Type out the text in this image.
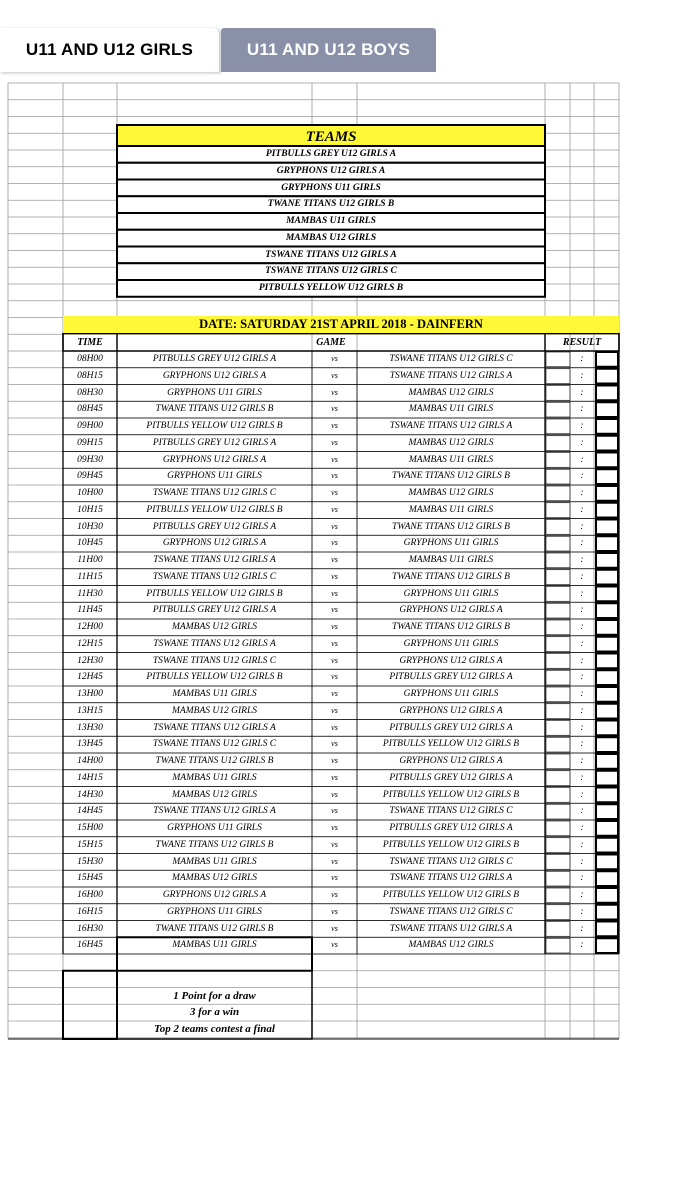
U11 AND U12 GIRLS	U11 AND U12 BOYS
TEAMS
PITBULLS GREY U12 GIRLS A
GRYPHONS U12 GIRLS A
GRYPHONS U11 GIRLS
TWANE TITANS U12 GIRLS B
MAMBAS U11 GIRLS
MAMBAS U12 GIRLS
TSWANE TITANS U12 GIRLS A
TSWANE TITANS U12 GIRLS C
PITBULLS YELLOW U12 GIRLS B
DATE: SATURDAY 21ST APRIL 2018 - DAINFERN
TIME	GAME	RESULT
08H00	PITBULLS GREY U12 GIRLS A	vs	TSWANE TITANS U12 GIRLS C	:
08H15	GRYPHONS U12 GIRLS A	vs	TSWANE TITANS U12 GIRLS A	:
08H30	GRYPHONS U11 GIRLS	vs	MAMBAS U12 GIRLS	:
08H45	TWANE TITANS U12 GIRLS B	vs	MAMBAS U11 GIRLS	:
09H00	PITBULLS YELLOW U12 GIRLS B	vs	TSWANE TITANS U12 GIRLS A	:
09H15	PITBULLS GREY U12 GIRLS A	vs	MAMBAS U12 GIRLS	:
09H30	GRYPHONS U12 GIRLS A	vs	MAMBAS U11 GIRLS	:
09H45	GRYPHONS U11 GIRLS	vs	TWANE TITANS U12 GIRLS B	:
10H00	TSWANE TITANS U12 GIRLS C	vs	MAMBAS U12 GIRLS	:
10H15	PITBULLS YELLOW U12 GIRLS B	vs	MAMBAS U11 GIRLS	:
10H30	PITBULLS GREY U12 GIRLS A	vs	TWANE TITANS U12 GIRLS B	:
10H45	GRYPHONS U12 GIRLS A	vs	GRYPHONS U11 GIRLS	:
11H00	TSWANE TITANS U12 GIRLS A	vs	MAMBAS U11 GIRLS	:
11H15	TSWANE TITANS U12 GIRLS C	vs	TWANE TITANS U12 GIRLS B	:
11H30	PITBULLS YELLOW U12 GIRLS B	vs	GRYPHONS U11 GIRLS	:
11H45	PITBULLS GREY U12 GIRLS A	vs	GRYPHONS U12 GIRLS A	:
12H00	MAMBAS U12 GIRLS	vs	TWANE TITANS U12 GIRLS B	:
12H15	TSWANE TITANS U12 GIRLS A	vs	GRYPHONS U11 GIRLS	:
12H30	TSWANE TITANS U12 GIRLS C	vs	GRYPHONS U12 GIRLS A	:
12H45	PITBULLS YELLOW U12 GIRLS B	vs	PITBULLS GREY U12 GIRLS A	:
13H00	MAMBAS U11 GIRLS	vs	GRYPHONS U11 GIRLS	:
13H15	MAMBAS U12 GIRLS	vs	GRYPHONS U12 GIRLS A	:
13H30	TSWANE TITANS U12 GIRLS A	vs	PITBULLS GREY U12 GIRLS A	:
13H45	TSWANE TITANS U12 GIRLS C	vs	PITBULLS YELLOW U12 GIRLS B	:
14H00	TWANE TITANS U12 GIRLS B	vs	GRYPHONS U12 GIRLS A	:
14H15	MAMBAS U11 GIRLS	vs	PITBULLS GREY U12 GIRLS A	:
14H30	MAMBAS U12 GIRLS	vs	PITBULLS YELLOW U12 GIRLS B	:
14H45	TSWANE TITANS U12 GIRLS A	vs	TSWANE TITANS U12 GIRLS C	:
15H00	GRYPHONS U11 GIRLS	vs	PITBULLS GREY U12 GIRLS A	:
15H15	TWANE TITANS U12 GIRLS B	vs	PITBULLS YELLOW U12 GIRLS B	:
15H30	MAMBAS U11 GIRLS	vs	TSWANE TITANS U12 GIRLS C	:
15H45	MAMBAS U12 GIRLS	vs	TSWANE TITANS U12 GIRLS A	:
16H00	GRYPHONS U12 GIRLS A	vs	PITBULLS YELLOW U12 GIRLS B	:
16H15	GRYPHONS U11 GIRLS	vs	TSWANE TITANS U12 GIRLS C	:
16H30	TWANE TITANS U12 GIRLS B	vs	TSWANE TITANS U12 GIRLS A	:
16H45	MAMBAS U11 GIRLS	vs	MAMBAS U12 GIRLS	:
1 Point for a draw
3 for a win
Top 2 teams contest a final
